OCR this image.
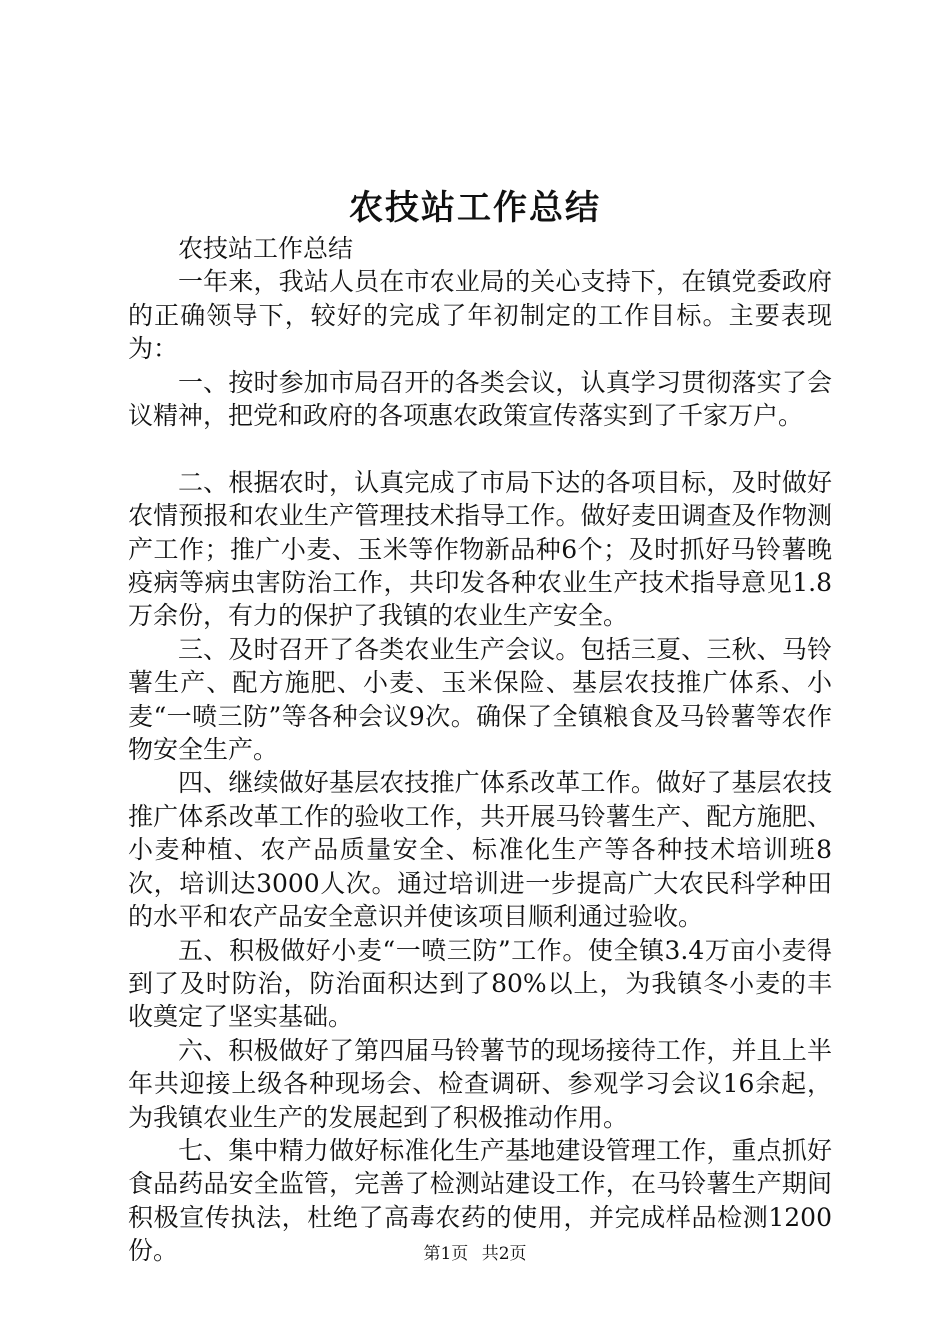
农技站工作总结

农技站工作总结

一年来，我站人员在市农业局的关心支持下，在镇党委政府的正确领导下，较好的完成了年初制定的工作目标。主要表现为：

一、按时参加市局召开的各类会议，认真学习贯彻落实了会议精神，把党和政府的各项惠农政策宣传落实到了千家万户。

二、根据农时，认真完成了市局下达的各项目标，及时做好农情预报和农业生产管理技术指导工作。做好麦田调查及作物测产工作；推广小麦、玉米等作物新品种6个；及时抓好马铃薯晚疫病等病虫害防治工作，共印发各种农业生产技术指导意见1.8万余份，有力的保护了我镇的农业生产安全。

三、及时召开了各类农业生产会议。包括三夏、三秋、马铃薯生产、配方施肥、小麦、玉米保险、基层农技推广体系、小麦“一喷三防”等各种会议9次。确保了全镇粮食及马铃薯等农作物安全生产。

四、继续做好基层农技推广体系改革工作。做好了基层农技推广体系改革工作的验收工作，共开展马铃薯生产、配方施肥、小麦种植、农产品质量安全、标准化生产等各种技术培训班8次，培训达3000人次。通过培训进一步提高广大农民科学种田的水平和农产品安全意识并使该项目顺利通过验收。

五、积极做好小麦“一喷三防”工作。使全镇3.4万亩小麦得到了及时防治，防治面积达到了80%以上，为我镇冬小麦的丰收奠定了坚实基础。

六、积极做好了第四届马铃薯节的现场接待工作，并且上半年共迎接上级各种现场会、检查调研、参观学习会议16余起，为我镇农业生产的发展起到了积极推动作用。

七、集中精力做好标准化生产基地建设管理工作，重点抓好食品药品安全监管，完善了检测站建设工作，在马铃薯生产期间积极宣传执法，杜绝了高毒农药的使用，并完成样品检测1200份。	第1页 共2页
